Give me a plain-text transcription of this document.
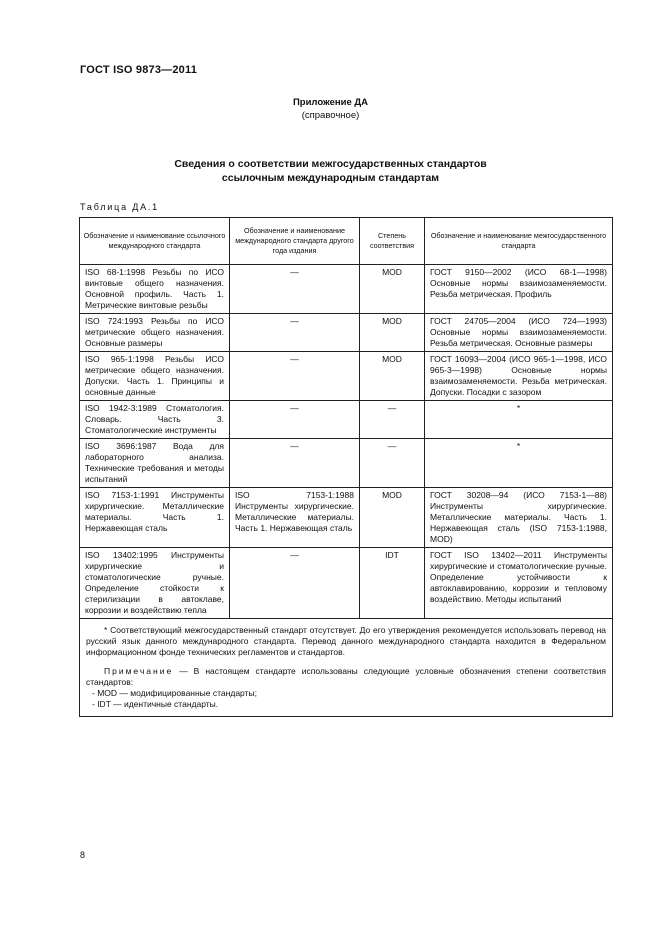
ГОСТ ISO 9873—2011
Приложение ДА
(справочное)
Сведения о соответствии межгосударственных стандартов
ссылочным международным стандартам
Таблица ДА.1
Обозначение и наименование ссылочного международного стандарта	Обозначение и наименование международного стандарта другого года издания	Степень соответствия	Обозначение и наименование межгосударственного стандарта
ISO 68-1:1998 Резьбы по ИСО винтовые общего назначения. Основной профиль. Часть 1. Метрические винтовые резьбы	—	MOD	ГОСТ 9150—2002 (ИСО 68-1—1998) Основные нормы взаимозаменяемости. Резьба метрическая. Профиль
ISO 724:1993 Резьбы по ИСО метрические общего назначения. Основные размеры	—	MOD	ГОСТ 24705—2004 (ИСО 724—1993) Основные нормы взаимозаменяемости. Резьба метрическая. Основные размеры
ISO 965-1:1998 Резьбы ИСО метрические общего назначения. Допуски. Часть 1. Принципы и основные данные	—	MOD	ГОСТ 16093—2004 (ИСО 965-1—1998, ИСО 965-3—1998) Основные нормы взаимозаменяемости. Резьба метрическая. Допуски. Посадки с зазором
ISO 1942-3:1989 Стоматология. Словарь. Часть 3. Стоматологические инструменты	—	—	*
ISO 3696:1987 Вода для лабораторного анализа. Технические требования и методы испытаний	—	—	*
ISO 7153-1:1991 Инструменты хирургические. Металлические материалы. Часть 1. Нержавеющая сталь	ISO 7153-1:1988 Инструменты хирургические. Металлические материалы. Часть 1. Нержавеющая сталь	MOD	ГОСТ 30208—94 (ИСО 7153-1—88) Инструменты хирургические. Металлические материалы. Часть 1. Нержавеющая сталь (ISO 7153-1:1988, MOD)
ISO 13402:1995 Инструменты хирургические и стоматологические ручные. Определение стойкости к стерилизации в автоклаве, коррозии и воздействию тепла	—	IDT	ГОСТ ISO 13402—2011 Инструменты хирургические и стоматологические ручные. Определение устойчивости к автоклавированию, коррозии и тепловому воздействию. Методы испытаний

* Соответствующий межгосударственный стандарт отсутствует. До его утверждения рекомендуется использовать перевод на русский язык данного международного стандарта. Перевод данного международного стандарта находится в Федеральном информационном фонде технических регламентов и стандартов.

Примечание — В настоящем стандарте использованы следующие условные обозначения степени соответствия стандартов:

- MOD — модифицированные стандарты;

- IDT — идентичные стандарты.			

8
